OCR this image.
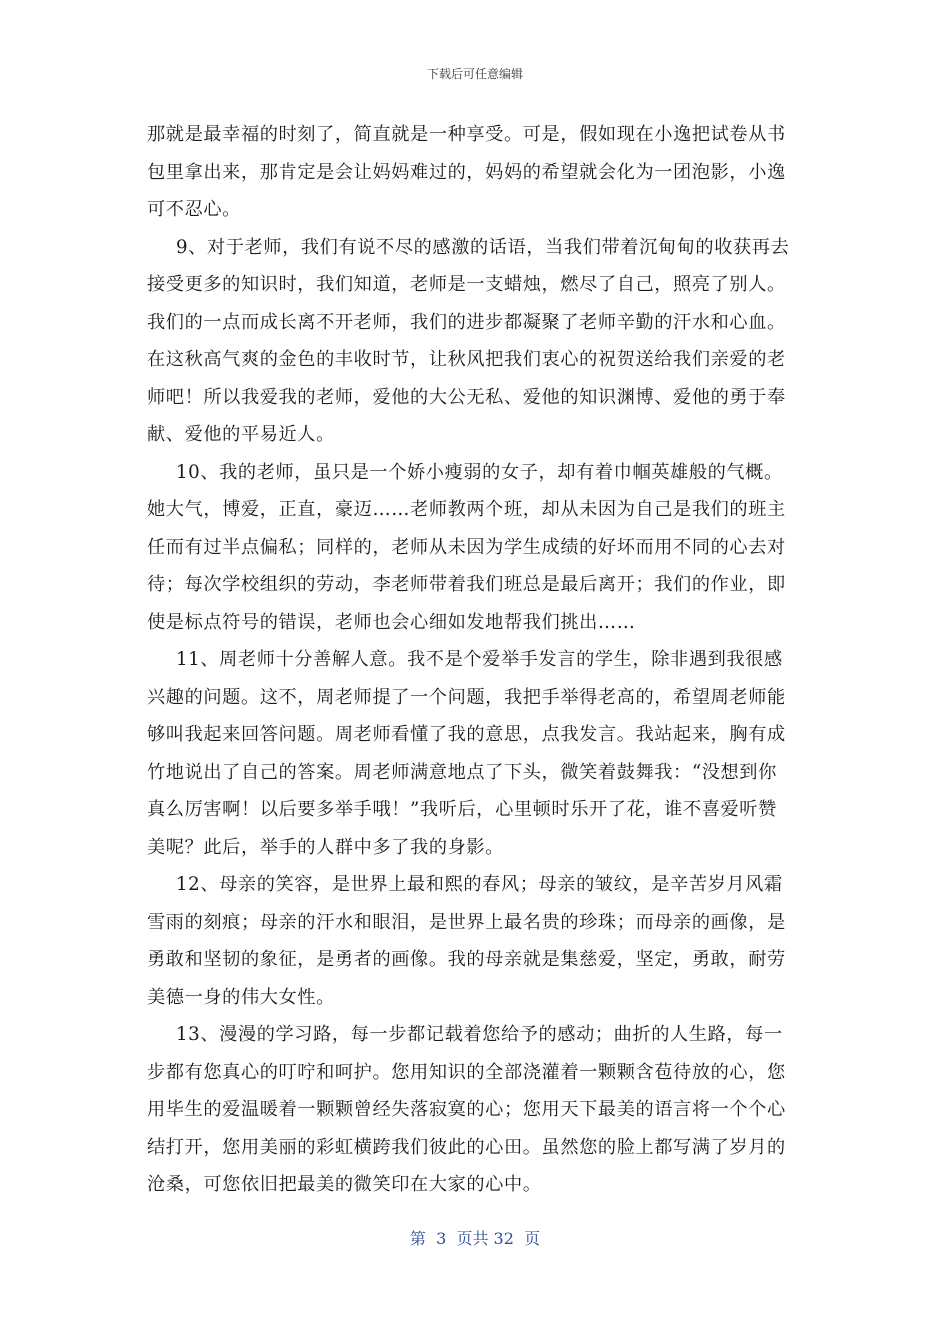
下载后可任意编辑
那就是最幸福的时刻了，简直就是一种享受。可是，假如现在小逸把试卷从书
包里拿出来，那肯定是会让妈妈难过的，妈妈的希望就会化为一团泡影，小逸
可不忍心。
9、对于老师，我们有说不尽的感激的话语，当我们带着沉甸甸的收获再去
接受更多的知识时，我们知道，老师是一支蜡烛，燃尽了自己，照亮了别人。
我们的一点而成长离不开老师，我们的进步都凝聚了老师辛勤的汗水和心血。
在这秋高气爽的金色的丰收时节，让秋风把我们衷心的祝贺送给我们亲爱的老
师吧！所以我爱我的老师，爱他的大公无私、爱他的知识渊博、爱他的勇于奉
献、爱他的平易近人。
10、我的老师，虽只是一个娇小瘦弱的女子，却有着巾帼英雄般的气概。
她大气，博爱，正直，豪迈……老师教两个班，却从未因为自己是我们的班主
任而有过半点偏私；同样的，老师从未因为学生成绩的好坏而用不同的心去对
待；每次学校组织的劳动，李老师带着我们班总是最后离开；我们的作业，即
使是标点符号的错误，老师也会心细如发地帮我们挑出……
11、周老师十分善解人意。我不是个爱举手发言的学生，除非遇到我很感
兴趣的问题。这不，周老师提了一个问题，我把手举得老高的，希望周老师能
够叫我起来回答问题。周老师看懂了我的意思，点我发言。我站起来，胸有成
竹地说出了自己的答案。周老师满意地点了下头，微笑着鼓舞我：“没想到你
真么厉害啊！以后要多举手哦！”我听后，心里顿时乐开了花，谁不喜爱听赞
美呢？此后，举手的人群中多了我的身影。
12、母亲的笑容，是世界上最和熙的春风；母亲的皱纹，是辛苦岁月风霜
雪雨的刻痕；母亲的汗水和眼泪，是世界上最名贵的珍珠；而母亲的画像，是
勇敢和坚韧的象征，是勇者的画像。我的母亲就是集慈爱，坚定，勇敢，耐劳
美德一身的伟大女性。
13、漫漫的学习路，每一步都记载着您给予的感动；曲折的人生路，每一
步都有您真心的叮咛和呵护。您用知识的全部浇灌着一颗颗含苞待放的心，您
用毕生的爱温暖着一颗颗曾经失落寂寞的心；您用天下最美的语言将一个个心
结打开，您用美丽的彩虹横跨我们彼此的心田。虽然您的脸上都写满了岁月的
沧桑，可您依旧把最美的微笑印在大家的心中。
第  3  页共 32  页
